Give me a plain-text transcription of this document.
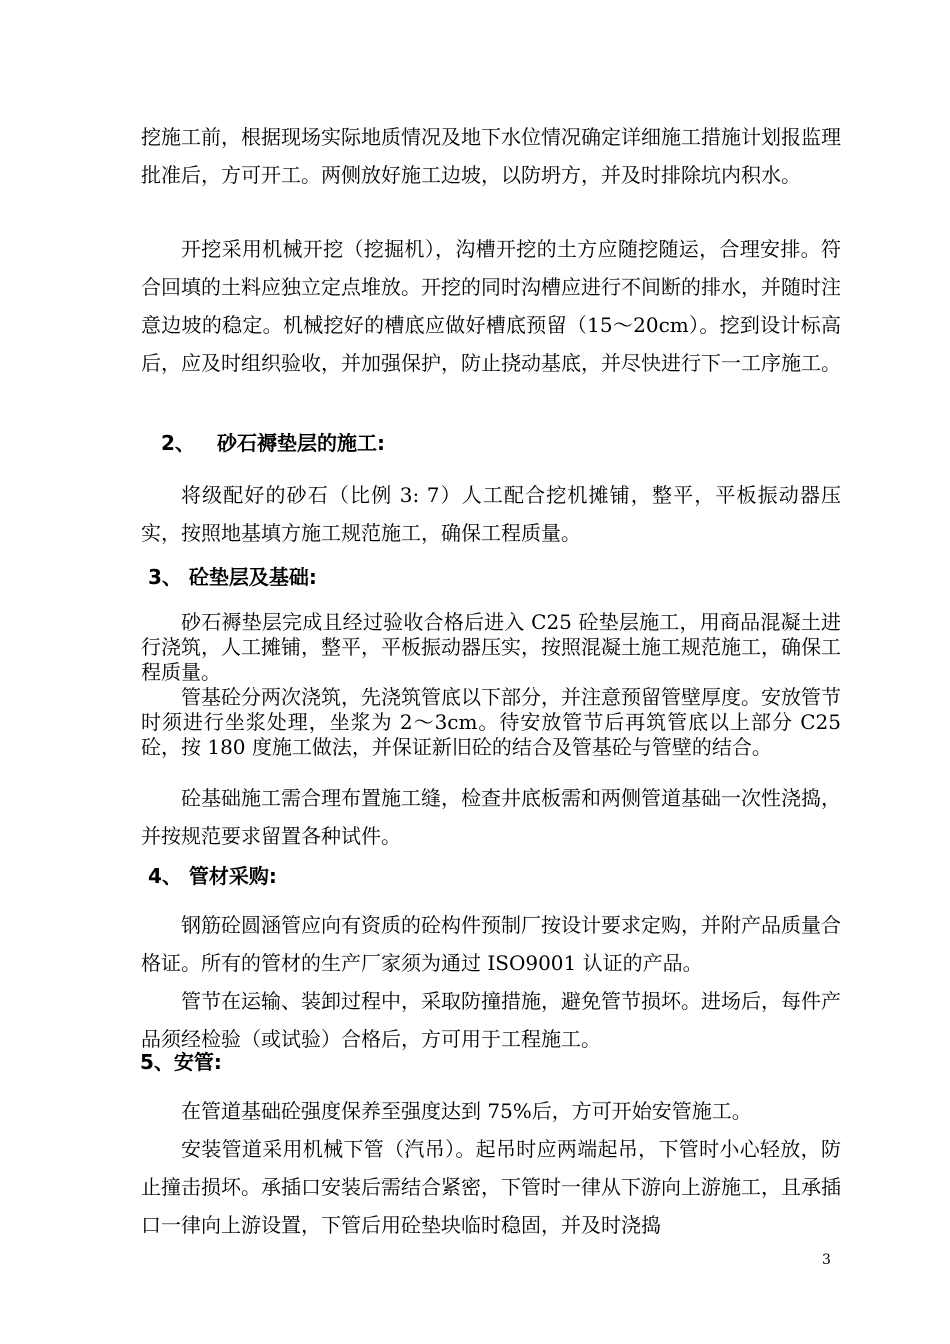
挖施工前，根据现场实际地质情况及地下水位情况确定详细施工措施计划报监理批准后，方可开工。两侧放好施工边坡，以防坍方，并及时排除坑内积水。

开挖采用机械开挖（挖掘机），沟槽开挖的土方应随挖随运，合理安排。符合回填的土料应独立定点堆放。开挖的同时沟槽应进行不间断的排水，并随时注意边坡的稳定。机械挖好的槽底应做好槽底预留（15～20cm）。挖到设计标高后，应及时组织验收，并加强保护，防止挠动基底，并尽快进行下一工序施工。

2、 砂石褥垫层的施工:

将级配好的砂石（比例 3: 7）人工配合挖机摊铺，整平，平板振动器压实，按照地基填方施工规范施工，确保工程质量。

3、 砼垫层及基础:

砂石褥垫层完成且经过验收合格后进入 C25 砼垫层施工，用商品混凝土进行浇筑，人工摊铺，整平，平板振动器压实，按照混凝土施工规范施工，确保工程质量。

管基砼分两次浇筑，先浇筑管底以下部分，并注意预留管壁厚度。安放管节时须进行坐浆处理，坐浆为 2～3cm。待安放管节后再筑管底以上部分 C25 砼，按 180 度施工做法，并保证新旧砼的结合及管基砼与管壁的结合。

砼基础施工需合理布置施工缝，检查井底板需和两侧管道基础一次性浇捣，并按规范要求留置各种试件。

4、 管材采购:

钢筋砼圆涵管应向有资质的砼构件预制厂按设计要求定购，并附产品质量合格证。所有的管材的生产厂家须为通过 ISO9001 认证的产品。

管节在运输、装卸过程中，采取防撞措施，避免管节损坏。进场后，每件产品须经检验（或试验）合格后，方可用于工程施工。

5、安管:

在管道基础砼强度保养至强度达到 75%后，方可开始安管施工。

安装管道采用机械下管（汽吊）。起吊时应两端起吊，下管时小心轻放，防止撞击损坏。承插口安装后需结合紧密，下管时一律从下游向上游施工，且承插口一律向上游设置，下管后用砼垫块临时稳固，并及时浇捣

3
